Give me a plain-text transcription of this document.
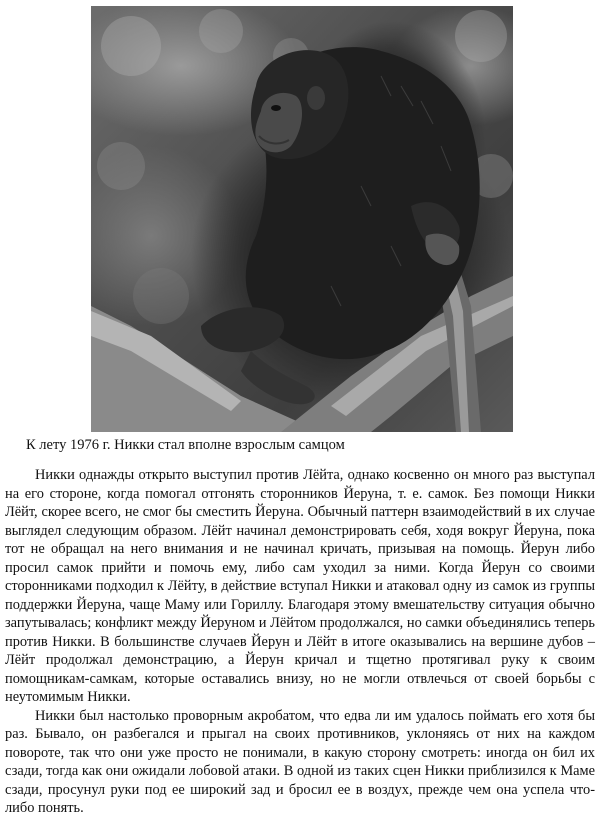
К лету 1976 г. Никки стал вполне взрослым самцом

Никки однажды открыто выступил против Лёйта, однако косвенно он много раз выступал на его стороне, когда помогал отгонять сторонников Йеруна, т. е. самок. Без помощи Никки Лёйт, скорее всего, не смог бы сместить Йеруна. Обычный паттерн взаимодействий в их случае выглядел следующим образом. Лёйт начинал демонстрировать себя, ходя вокруг Йеруна, пока тот не обращал на него внимания и не начинал кричать, призывая на помощь. Йерун либо просил самок прийти и помочь ему, либо сам уходил за ними. Когда Йерун со своими сторонниками подходил к Лёйту, в действие вступал Никки и атаковал одну из самок из группы поддержки Йеруна, чаще Маму или Гориллу. Благодаря этому вмешательству ситуация обычно запутывалась; конфликт между Йеруном и Лёйтом продолжался, но самки объединялись теперь против Никки. В большинстве случаев Йерун и Лёйт в итоге оказывались на вершине дубов – Лёйт продолжал демонстрацию, а Йерун кричал и тщетно протягивал руку к своим помощникам-самкам, которые оставались внизу, но не могли отвлечься от своей борьбы с неутомимым Никки.

Никки был настолько проворным акробатом, что едва ли им удалось поймать его хотя бы раз. Бывало, он разбегался и прыгал на своих противников, уклоняясь от них на каждом повороте, так что они уже просто не понимали, в какую сторону смотреть: иногда он бил их сзади, тогда как они ожидали лобовой атаки. В одной из таких сцен Никки приблизился к Маме сзади, просунул руки под ее широкий зад и бросил ее в воздух, прежде чем она успела что-либо понять.
